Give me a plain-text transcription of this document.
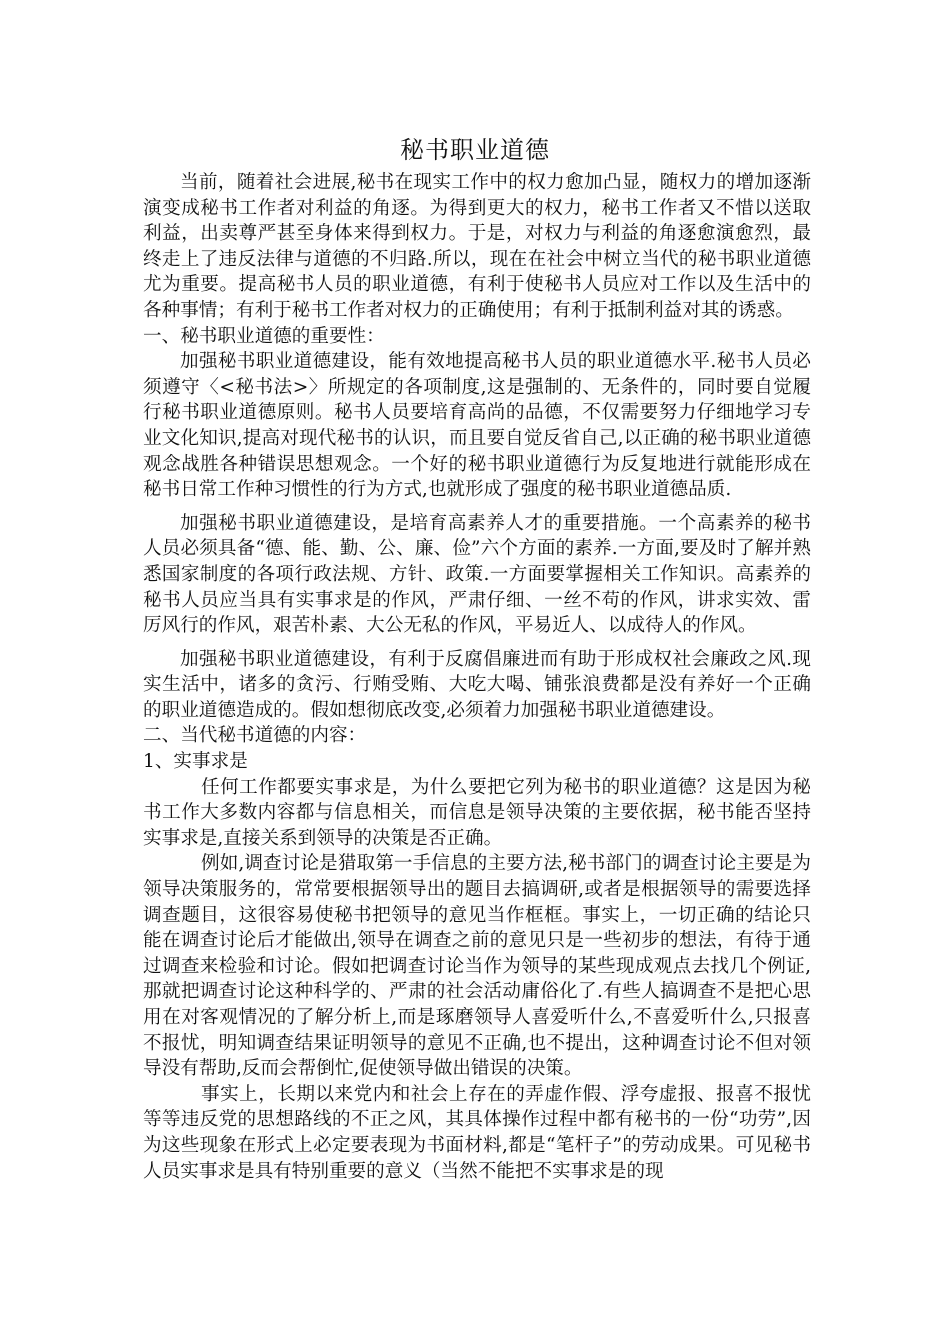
秘书职业道德

当前，随着社会进展,秘书在现实工作中的权力愈加凸显，随权力的增加逐渐演变成秘书工作者对利益的角逐。为得到更大的权力，秘书工作者又不惜以送取利益，出卖尊严甚至身体来得到权力。于是，对权力与利益的角逐愈演愈烈，最终走上了违反法律与道德的不归路.所以，现在在社会中树立当代的秘书职业道德尤为重要。提高秘书人员的职业道德，有利于使秘书人员应对工作以及生活中的各种事情；有利于秘书工作者对权力的正确使用；有利于抵制利益对其的诱惑。

一、秘书职业道德的重要性：

加强秘书职业道德建设，能有效地提高秘书人员的职业道德水平.秘书人员必须遵守〈<秘书法>〉所规定的各项制度,这是强制的、无条件的，同时要自觉履行秘书职业道德原则。秘书人员要培育高尚的品德，不仅需要努力仔细地学习专业文化知识,提高对现代秘书的认识，而且要自觉反省自己,以正确的秘书职业道德观念战胜各种错误思想观念。一个好的秘书职业道德行为反复地进行就能形成在秘书日常工作种习惯性的行为方式,也就形成了强度的秘书职业道德品质.

加强秘书职业道德建设，是培育高素养人才的重要措施。一个高素养的秘书人员必须具备“德、能、勤、公、廉、俭”六个方面的素养.一方面,要及时了解并熟悉国家制度的各项行政法规、方针、政策.一方面要掌握相关工作知识。高素养的秘书人员应当具有实事求是的作风，严肃仔细、一丝不苟的作风，讲求实效、雷厉风行的作风，艰苦朴素、大公无私的作风，平易近人、以成待人的作风。

加强秘书职业道德建设，有利于反腐倡廉进而有助于形成权社会廉政之风.现实生活中，诸多的贪污、行贿受贿、大吃大喝、铺张浪费都是没有养好一个正确的职业道德造成的。假如想彻底改变,必须着力加强秘书职业道德建设。

二、当代秘书道德的内容：

1、实事求是

任何工作都要实事求是，为什么要把它列为秘书的职业道德？这是因为秘书工作大多数内容都与信息相关，而信息是领导决策的主要依据，秘书能否坚持实事求是,直接关系到领导的决策是否正确。

例如,调查讨论是猎取第一手信息的主要方法,秘书部门的调查讨论主要是为领导决策服务的，常常要根据领导出的题目去搞调研,或者是根据领导的需要选择调查题目，这很容易使秘书把领导的意见当作框框。事实上，一切正确的结论只能在调查讨论后才能做出,领导在调查之前的意见只是一些初步的想法，有待于通过调查来检验和讨论。假如把调查讨论当作为领导的某些现成观点去找几个例证,那就把调查讨论这种科学的、严肃的社会活动庸俗化了.有些人搞调查不是把心思用在对客观情况的了解分析上,而是琢磨领导人喜爱听什么,不喜爱听什么,只报喜不报忧，明知调查结果证明领导的意见不正确,也不提出，这种调查讨论不但对领导没有帮助,反而会帮倒忙,促使领导做出错误的决策。

事实上，长期以来党内和社会上存在的弄虚作假、浮夸虚报、报喜不报忧等等违反党的思想路线的不正之风，其具体操作过程中都有秘书的一份“功劳”,因为这些现象在形式上必定要表现为书面材料,都是“笔杆子”的劳动成果。可见秘书人员实事求是具有特别重要的意义（当然不能把不实事求是的现
